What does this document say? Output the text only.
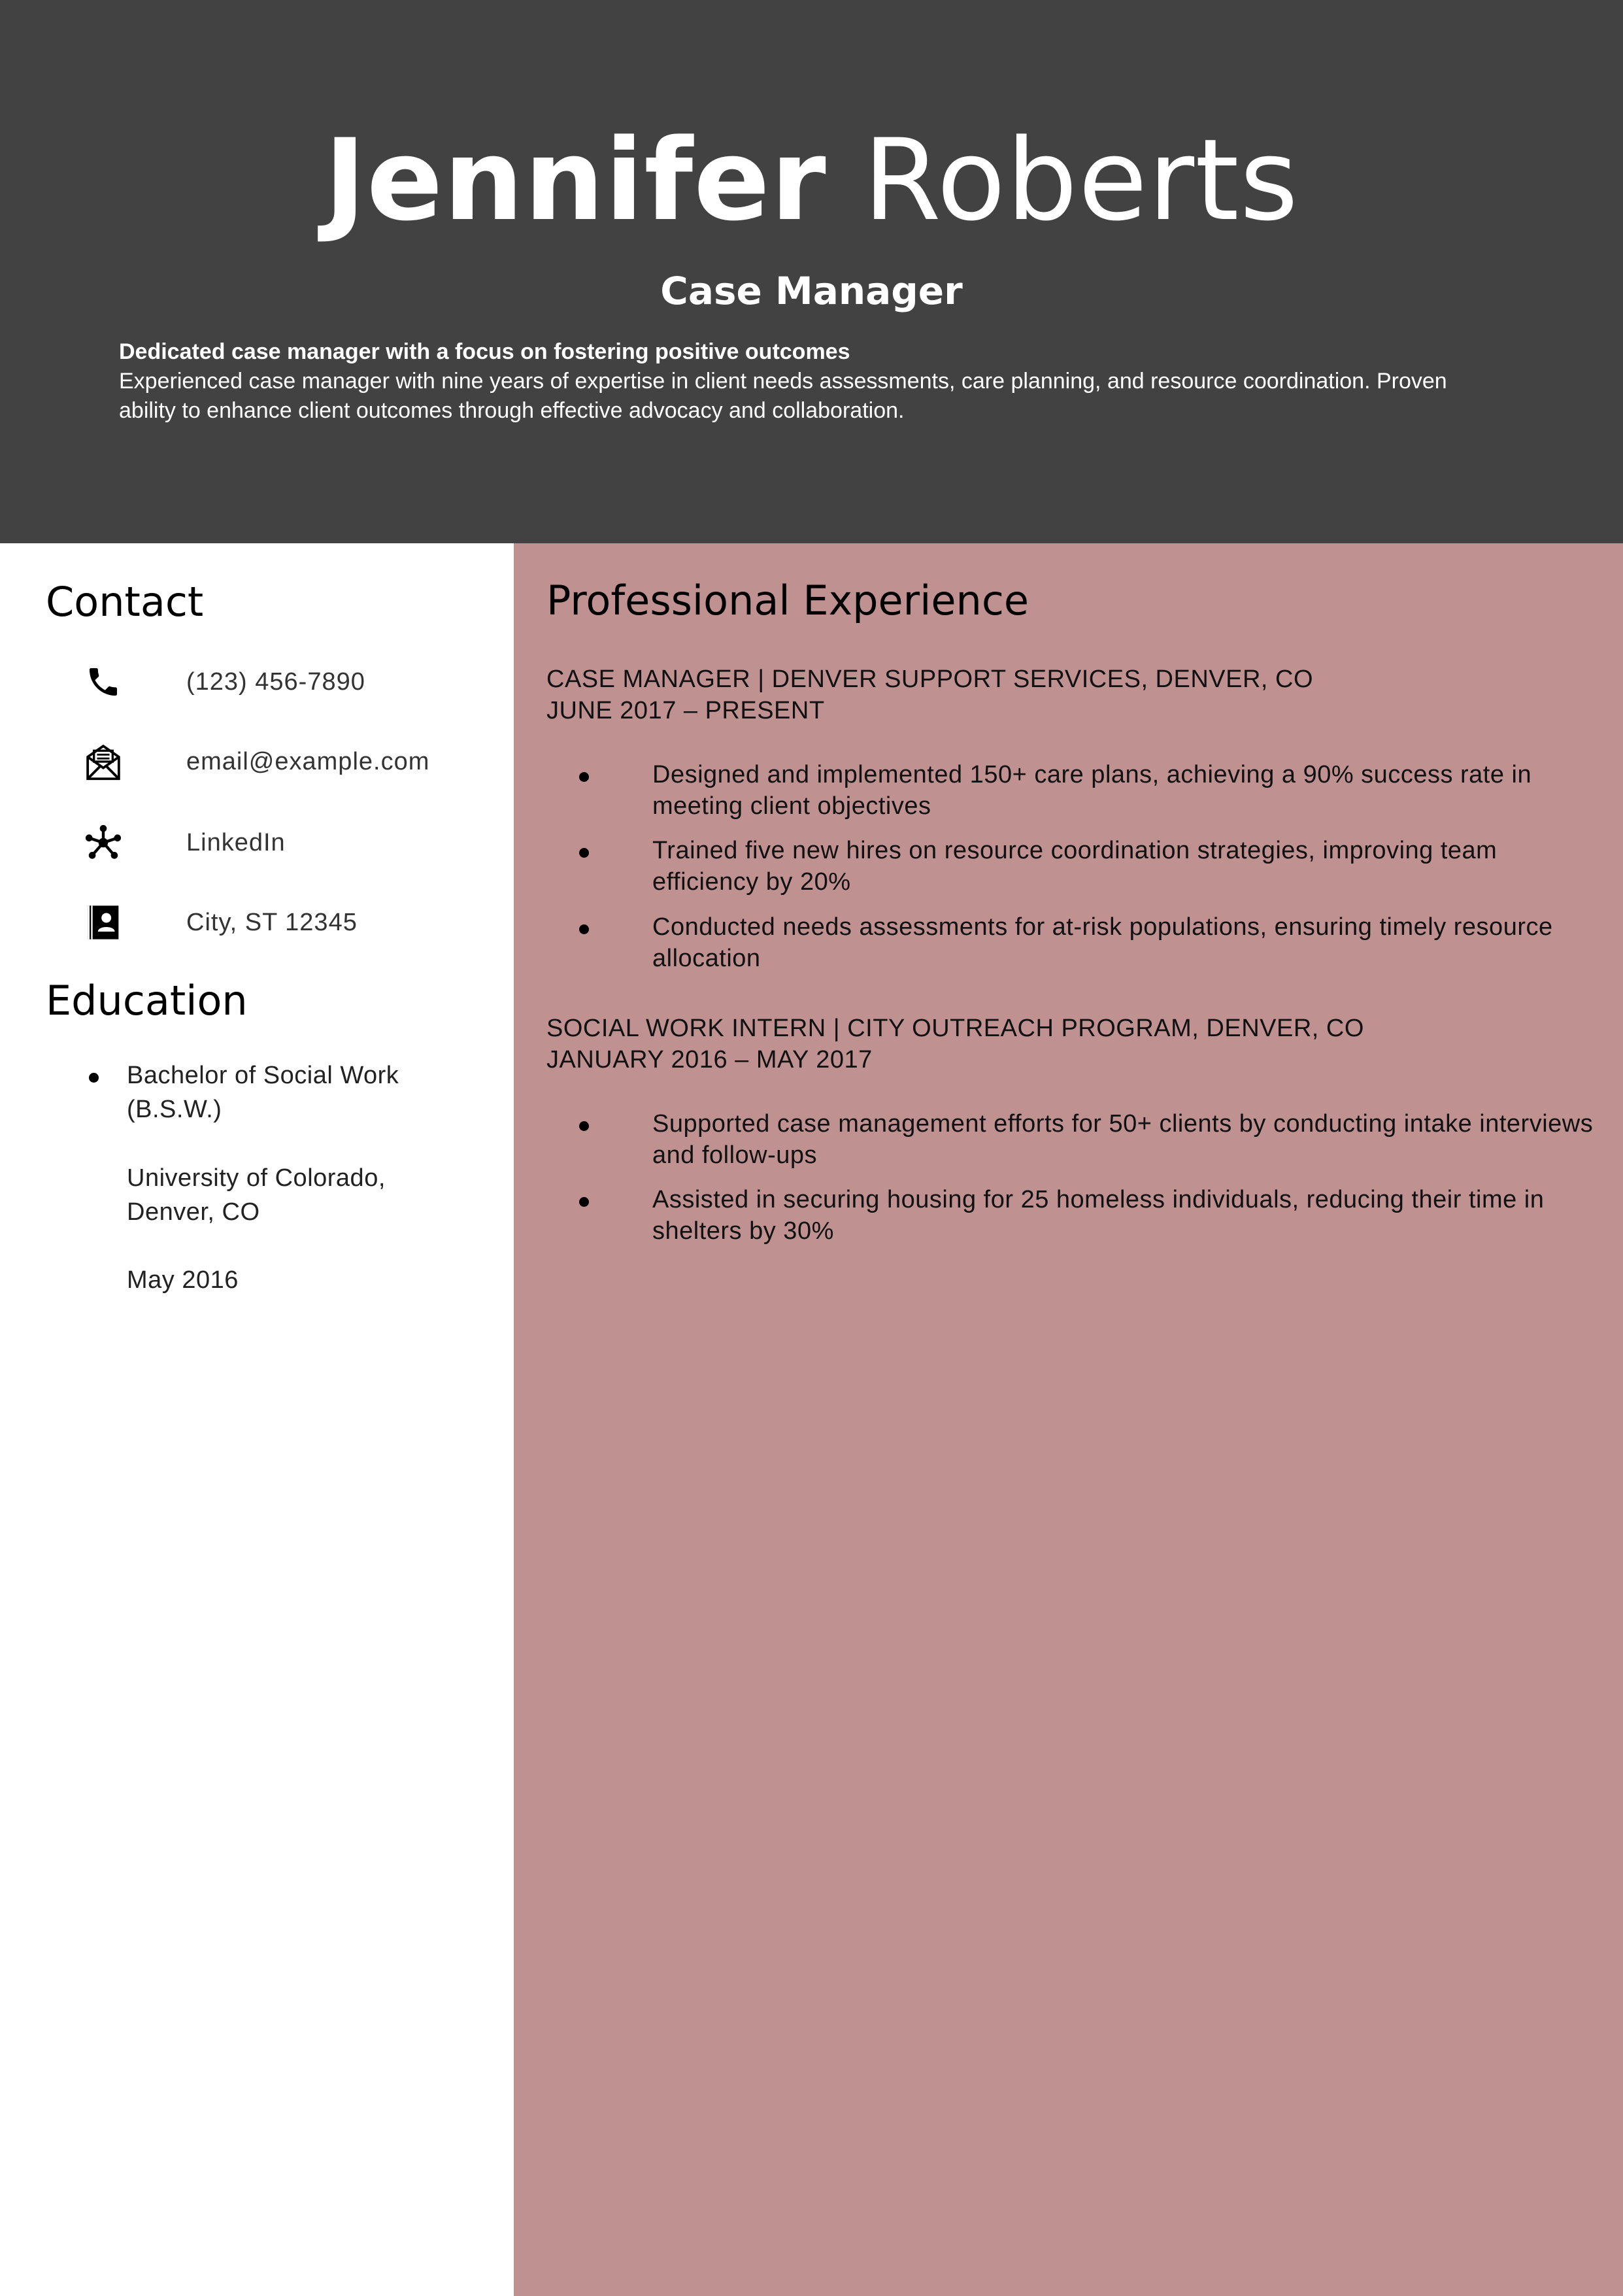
Jennifer Roberts
Case Manager
Dedicated case manager with a focus on fostering positive outcomes
Experienced case manager with nine years of expertise in client needs assessments, care planning, and resource coordination. Proven ability to enhance client outcomes through effective advocacy and collaboration.
Contact
(123) 456-7890
email@example.com
LinkedIn
City, ST 12345
Education
Bachelor of Social Work (B.S.W.)
University of Colorado, Denver, CO
May 2016
Professional Experience
CASE MANAGER | DENVER SUPPORT SERVICES, DENVER, CO
JUNE 2017 – PRESENT
Designed and implemented 150+ care plans, achieving a 90% success rate in meeting client objectives
Trained five new hires on resource coordination strategies, improving team efficiency by 20%
Conducted needs assessments for at-risk populations, ensuring timely resource allocation
SOCIAL WORK INTERN | CITY OUTREACH PROGRAM, DENVER, CO
JANUARY 2016 – MAY 2017
Supported case management efforts for 50+ clients by conducting intake interviews and follow-ups
Assisted in securing housing for 25 homeless individuals, reducing their time in shelters by 30%
